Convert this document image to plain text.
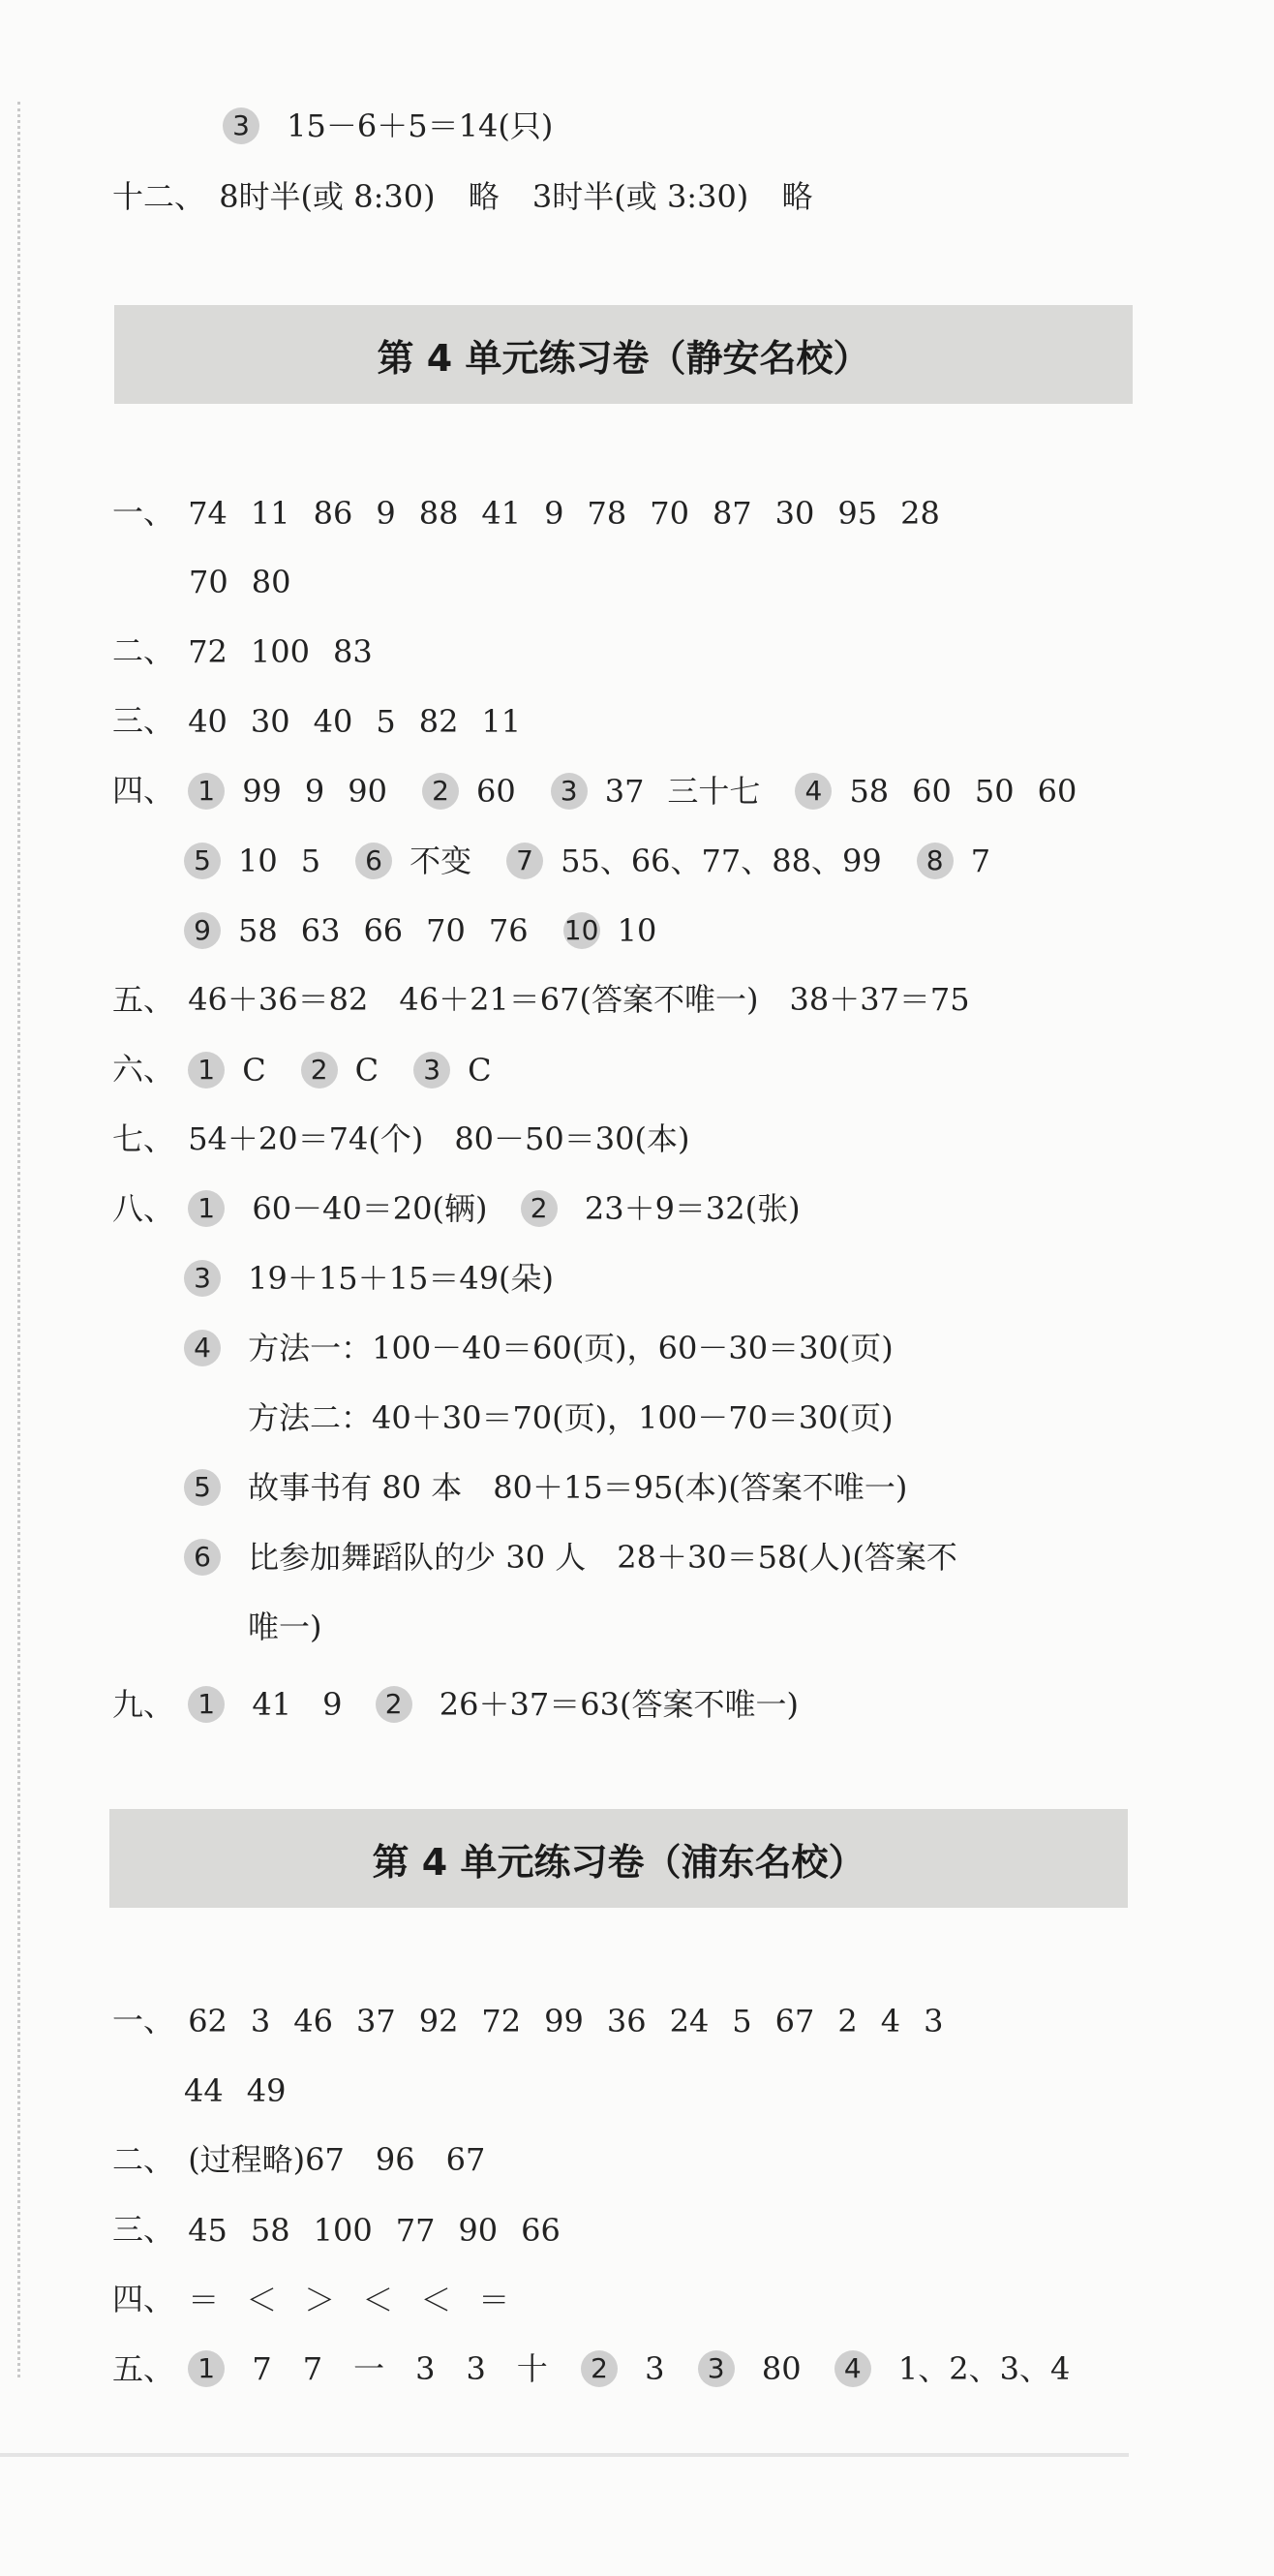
3 15－6＋5＝14(只)
十二、 8时半(或 8:30) 略 3时半(或 3:30) 略
第 4 单元练习卷（静安名校）
一、 74 11 86 9 88 41 9 78 70 87 30 95 28
70 80
二、 72 100 83
三、 40 30 40 5 82 11
四、 1 99 9 90 2 60 3 37 三十七 4 58 60 50 60
5 10 5 6 不变 7 55、66、77、88、99 8 7
9 58 63 66 70 76 10 10
五、 46＋36＝82　46＋21＝67(答案不唯一)　38＋37＝75
六、 1 C 2 C 3 C
七、 54＋20＝74(个)　80－50＝30(本)
八、 1 60－40＝20(辆) 2 23＋9＝32(张)
3 19＋15＋15＝49(朵)
4 方法一：100－40＝60(页)，60－30＝30(页)
方法二：40＋30＝70(页)，100－70＝30(页)
5 故事书有 80 本　80＋15＝95(本)(答案不唯一)
6 比参加舞蹈队的少 30 人　28＋30＝58(人)(答案不
唯一)
九、 1 41　9 2 26＋37＝63(答案不唯一)
第 4 单元练习卷（浦东名校）
一、 62 3 46 37 92 72 99 36 24 5 67 2 4 3
44 49
二、 (过程略)67　96　67
三、 45 58 100 77 90 66
四、 ＝ ＜ ＞ ＜ ＜ ＝
五、 1 7　7　一　3　3　十 2 3 3 80 4 1、2、3、4
